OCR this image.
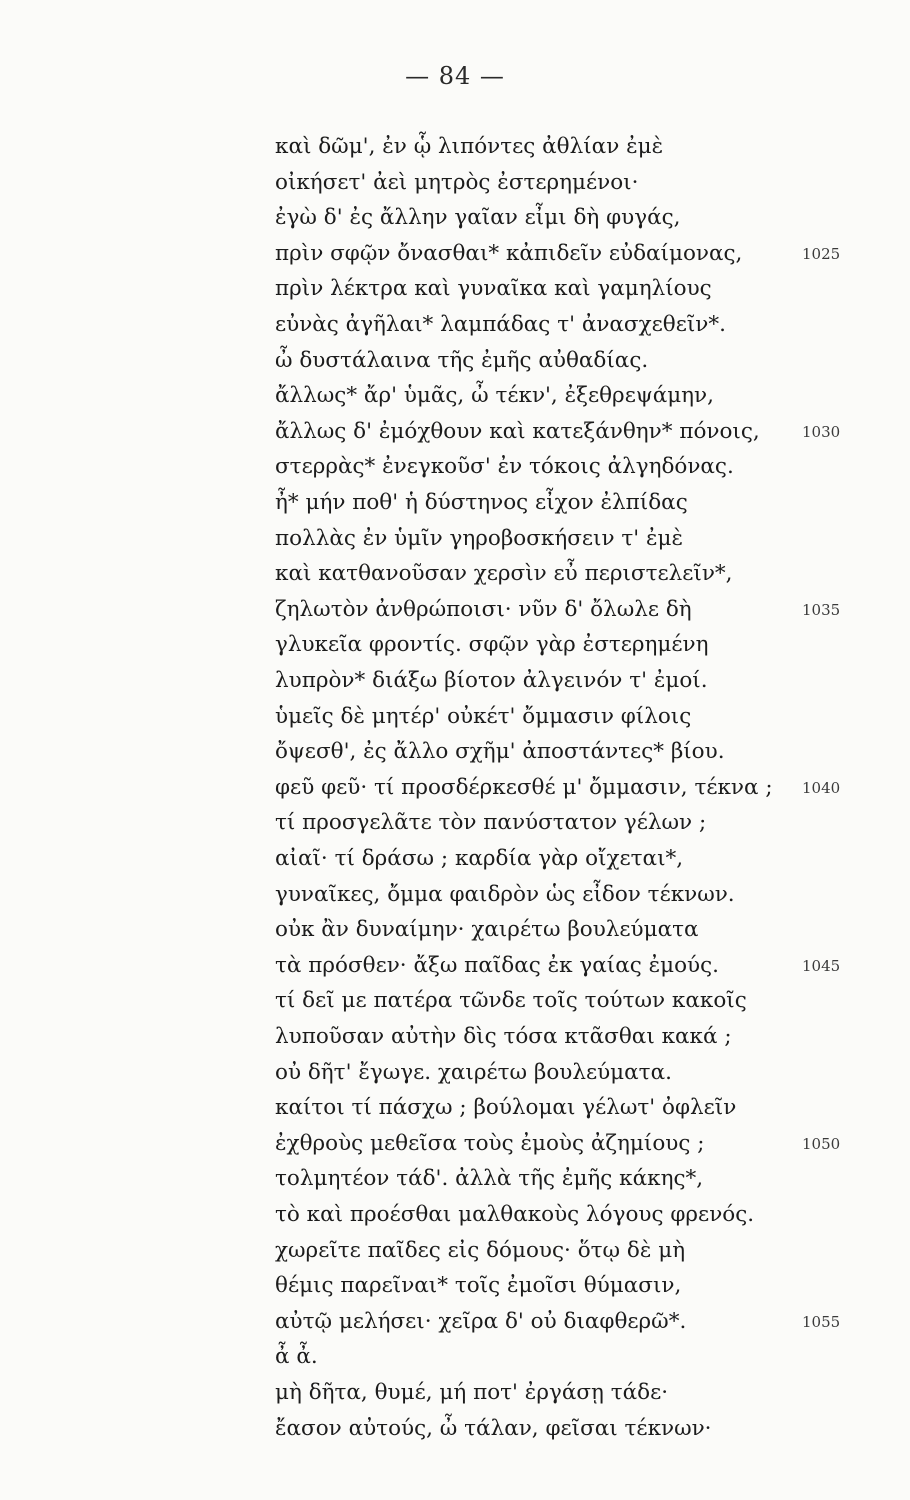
— 84 —
καὶ δῶμ', ἐν ᾧ λιπόντες ἀθλίαν ἐμὲ
οἰκήσετ' ἀεὶ μητρὸς ἐστερημένοι·
ἐγὼ δ' ἐς ἄλλην γαῖαν εἶμι δὴ φυγάς,
πρὶν σφῷν ὄνασθαι* κἀπιδεῖν εὐδαίμονας,	1025
πρὶν λέκτρα καὶ γυναῖκα καὶ γαμηλίους
εὐνὰς ἀγῆλαι* λαμπάδας τ' ἀνασχεθεῖν*.
ὦ δυστάλαινα τῆς ἐμῆς αὐθαδίας.
ἄλλως* ἄρ' ὑμᾶς, ὦ τέκν', ἐξεθρεψάμην,
ἄλλως δ' ἐμόχθουν καὶ κατεξάνθην* πόνοις,	1030
στερρὰς* ἐνεγκοῦσ' ἐν τόκοις ἀλγηδόνας.
ἦ* μήν ποθ' ἡ δύστηνος εἶχον ἐλπίδας
πολλὰς ἐν ὑμῖν γηροβοσκήσειν τ' ἐμὲ
καὶ κατθανοῦσαν χερσὶν εὖ περιστελεῖν*,
ζηλωτὸν ἀνθρώποισι· νῦν δ' ὄλωλε δὴ	1035
γλυκεῖα φροντίς. σφῷν γὰρ ἐστερημένη
λυπρὸν* διάξω βίοτον ἀλγεινόν τ' ἐμοί.
ὑμεῖς δὲ μητέρ' οὐκέτ' ὄμμασιν φίλοις
ὄψεσθ', ἐς ἄλλο σχῆμ' ἀποστάντες* βίου.
φεῦ φεῦ· τί προσδέρκεσθέ μ' ὄμμασιν, τέκνα ; 1040
τί προσγελᾶτε τὸν πανύστατον γέλων ;
αἰαῖ· τί δράσω ; καρδία γὰρ οἴχεται*,
γυναῖκες, ὄμμα φαιδρὸν ὡς εἶδον τέκνων.
οὐκ ἂν δυναίμην· χαιρέτω βουλεύματα
τὰ πρόσθεν· ἄξω παῖδας ἐκ γαίας ἐμούς.	1045
τί δεῖ με πατέρα τῶνδε τοῖς τούτων κακοῖς
λυποῦσαν αὐτὴν δὶς τόσα κτᾶσθαι κακά ;
οὐ δῆτ' ἔγωγε. χαιρέτω βουλεύματα.
καίτοι τί πάσχω ; βούλομαι γέλωτ' ὀφλεῖν
ἐχθροὺς μεθεῖσα τοὺς ἐμοὺς ἀζημίους ;	1050
τολμητέον τάδ'. ἀλλὰ τῆς ἐμῆς κάκης*,
τὸ καὶ προέσθαι μαλθακοὺς λόγους φρενός.
χωρεῖτε παῖδες εἰς δόμους· ὅτῳ δὲ μὴ
θέμις παρεῖναι* τοῖς ἐμοῖσι θύμασιν,
αὐτῷ μελήσει· χεῖρα δ' οὐ διαφθερῶ*.	1055
ἆ ἆ.
μὴ δῆτα, θυμέ, μή ποτ' ἐργάσῃ τάδε·
ἔασον αὐτούς, ὦ τάλαν, φεῖσαι τέκνων·
